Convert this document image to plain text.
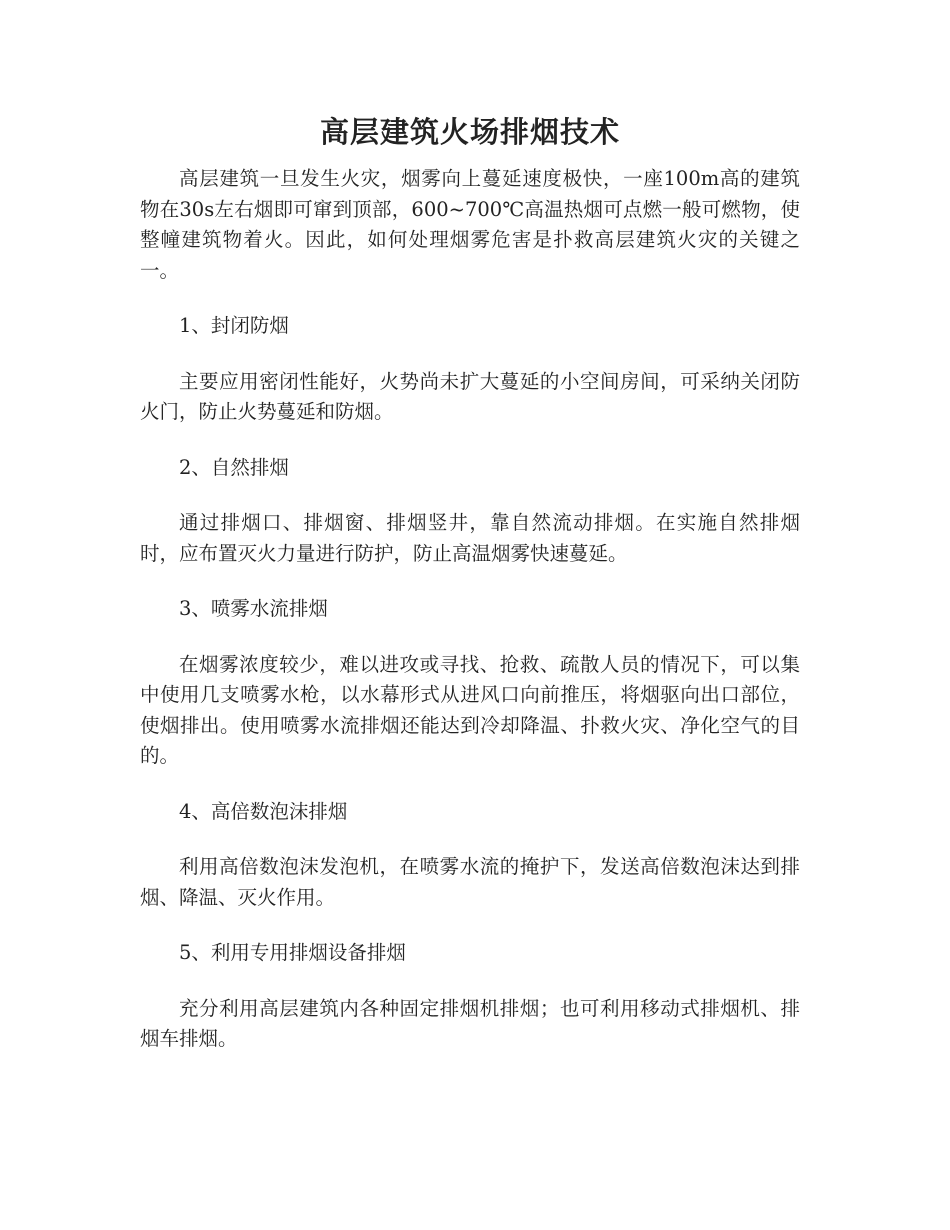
高层建筑火场排烟技术

高层建筑一旦发生火灾，烟雾向上蔓延速度极快，一座100m高的建筑物在30s左右烟即可窜到顶部，600~700℃高温热烟可点燃一般可燃物，使整幢建筑物着火。因此，如何处理烟雾危害是扑救高层建筑火灾的关键之一。

1、封闭防烟

主要应用密闭性能好，火势尚未扩大蔓延的小空间房间，可采纳关闭防火门，防止火势蔓延和防烟。

2、自然排烟

通过排烟口、排烟窗、排烟竖井，靠自然流动排烟。在实施自然排烟时，应布置灭火力量进行防护，防止高温烟雾快速蔓延。

3、喷雾水流排烟

在烟雾浓度较少，难以进攻或寻找、抢救、疏散人员的情况下，可以集中使用几支喷雾水枪，以水幕形式从进风口向前推压，将烟驱向出口部位，使烟排出。使用喷雾水流排烟还能达到冷却降温、扑救火灾、净化空气的目的。

4、高倍数泡沫排烟

利用高倍数泡沫发泡机，在喷雾水流的掩护下，发送高倍数泡沫达到排烟、降温、灭火作用。

5、利用专用排烟设备排烟

充分利用高层建筑内各种固定排烟机排烟；也可利用移动式排烟机、排烟车排烟。
